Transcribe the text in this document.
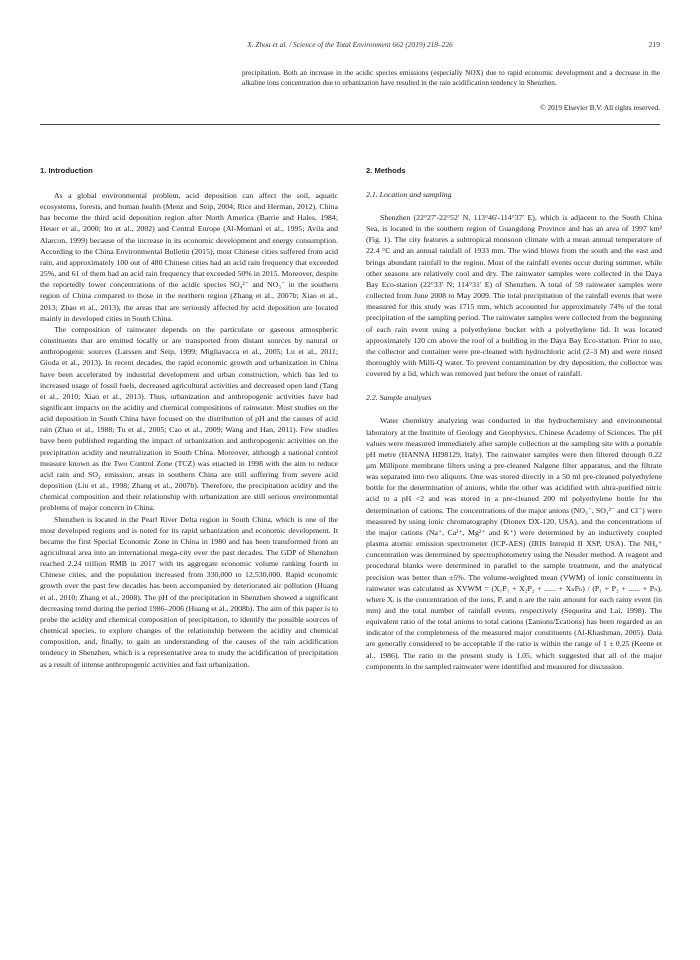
X. Zhou et al. / Science of the Total Environment 662 (2019) 218–226	219
precipitation. Both an increase in the acidic species emissions (especially NOX) due to rapid economic development and a decrease in the alkaline ions concentration due to urbanization have resulted in the rain acidification tendency in Shenzhen.
© 2019 Elsevier B.V. All rights reserved.
1. Introduction

As a global environmental problem, acid deposition can affect the soil, aquatic ecosystems, forests, and human health (Menz and Seip, 2004; Rice and Herman, 2012). China has become the third acid deposition region after North America (Barrie and Hales, 1984; Heuer et al., 2000; Ito et al., 2002) and Central Europe (Al-Momani et al., 1995; Avila and Alarcon, 1999) because of the increase in its economic development and energy consumption. According to the China Environmental Bulletin (2015), most Chinese cities suffered from acid rain, and approximately 100 out of 480 Chinese cities had an acid rain frequency that exceeded 25%, and 61 of them had an acid rain frequency that exceeded 50% in 2015. Moreover, despite the reportedly lower concentrations of the acidic species SO₄²⁻ and NO₃⁻ in the southern region of China compared to those in the northern region (Zhang et al., 2007b; Xiao et al., 2013; Zhao et al., 2013), the areas that are seriously affected by acid deposition are located mainly in developed cities in South China.

The composition of rainwater depends on the particulate or gaseous atmospheric constituents that are emitted locally or are transported from distant sources by natural or anthropogenic sources (Larssen and Seip, 1999; Migliavacca et al., 2005; Lu et al., 2011; Gioda et al., 2013). In recent decades, the rapid economic growth and urbanization in China have been accelerated by industrial development and urban construction, which has led to increased usage of fossil fuels, decreased agricultural activities and decreased open land (Tang et al., 2010; Xiao et al., 2013). Thus, urbanization and anthropogenic activities have had significant impacts on the acidity and chemical compositions of rainwater. Most studies on the acid deposition in South China have focused on the distribution of pH and the causes of acid rain (Zhao et al., 1988; Tu et al., 2005; Cao et al., 2009; Wang and Han, 2011). Few studies have been published regarding the impact of urbanization and anthropogenic activities on the precipitation acidity and neutralization in South China. Moreover, although a national control measure known as the Two Control Zone (TCZ) was enacted in 1998 with the aim to reduce acid rain and SO₂ emission, areas in southern China are still suffering from severe acid deposition (Liu et al., 1998; Zhang et al., 2007b). Therefore, the precipitation acidity and the chemical composition and their relationship with urbanization are still serious environmental problems of major concern in China.

Shenzhen is located in the Pearl River Delta region in South China, which is one of the most developed regions and is noted for its rapid urbanization and economic development. It became the first Special Economic Zone in China in 1980 and has been transformed from an agricultural area into an international mega-city over the past decades. The GDP of Shenzhen reached 2.24 trillion RMB in 2017 with its aggregate economic volume ranking fourth in Chinese cities, and the population increased from 330,000 to 12,530,000. Rapid economic growth over the past few decades has been accompanied by deteriorated air pollution (Huang et al., 2010; Zhang et al., 2008). The pH of the precipitation in Shenzhen showed a significant decreasing trend during the period 1986–2006 (Huang et al., 2008b). The aim of this paper is to probe the acidity and chemical composition of precipitation, to identify the possible sources of chemical species, to explore changes of the relationship between the acidity and chemical composition, and, finally, to gain an understanding of the causes of the rain acidification tendency in Shenzhen, which is a representative area to study the acidification of precipitation as a result of intense anthropogenic activities and fast urbanization.

2. Methods
2.1. Location and sampling

Shenzhen (22°27′-22°52′ N, 113°46′-114°37′ E), which is adjacent to the South China Sea, is located in the southern region of Guangdong Province and has an area of 1997 km² (Fig. 1). The city features a subtropical monsoon climate with a mean annual temperature of 22.4 °C and an annual rainfall of 1933 mm. The wind blows from the south and the east and brings abundant rainfall to the region. Most of the rainfall events occur during summer, while other seasons are relatively cool and dry. The rainwater samples were collected in the Daya Bay Eco-station (22°33′ N; 114°31′ E) of Shenzhen. A total of 59 rainwater samples were collected from June 2008 to May 2009. The total precipitation of the rainfall events that were measured for this study was 1715 mm, which accounted for approximately 74% of the total precipitation of the sampling period. The rainwater samples were collected from the beginning of each rain event using a polyethylene bucket with a polyethylene lid. It was located approximately 120 cm above the roof of a building in the Daya Bay Eco-station. Prior to use, the collector and container were pre-cleaned with hydrochloric acid (2–3 M) and were rinsed thoroughly with Milli-Q water. To prevent contamination by dry deposition, the collector was covered by a lid, which was removed just before the onset of rainfall.

2.2. Sample analyses

Water chemistry analyzing was conducted in the hydrochemistry and environmental laboratory at the Institute of Geology and Geophysics, Chinese Academy of Sciences. The pH values were measured immediately after sample collection at the sampling site with a portable pH metre (HANNA HI98129, Italy). The rainwater samples were then filtered through 0.22 μm Millipore membrane filters using a pre-cleaned Nalgene filter apparatus, and the filtrate was separated into two aliquots. One was stored directly in a 50 ml pre-cleaned polyethylene bottle for the determination of anions, while the other was acidified with ultra-purified nitric acid to a pH <2 and was stored in a pre-cleaned 200 ml polyethylene bottle for the determination of cations. The concentrations of the major anions (NO₃⁻, SO₄²⁻ and Cl⁻) were measured by using ionic chromatography (Dionex DX-120, USA), and the concentrations of the major cations (Na⁺, Ca²⁺, Mg²⁺ and K⁺) were determined by an inductively coupled plasma atomic emission spectrometer (ICP-AES) (IRIS Intrepid II XSP, USA). The NH₄⁺ concentration was determined by spectrophotometry using the Nessler method. A reagent and procedural blanks were determined in parallel to the sample treatment, and the analytical precision was better than ±5%. The volume-weighted mean (VWM) of ionic constituents in rainwater was calculated as XVWM = (X₁P₁ + X₂P₂ + ...... + XₙPₙ) / (P₁ + P₂ + ...... + Pₙ), where Xᵢ is the concentration of the ions, Pᵢ and n are the rain amount for each rainy event (in mm) and the total number of rainfall events, respectively (Sequeira and Lai, 1998). The equivalent ratio of the total anions to total cations (Σanions/Σcations) has been regarded as an indicator of the completeness of the measured major constituents (Al-Khashman, 2005). Data are generally considered to be acceptable if the ratio is within the range of 1 ± 0.25 (Keene et al., 1986). The ratio in the present study is 1.05, which suggested that all of the major components in the sampled rainwater were identified and measured for discussion.
